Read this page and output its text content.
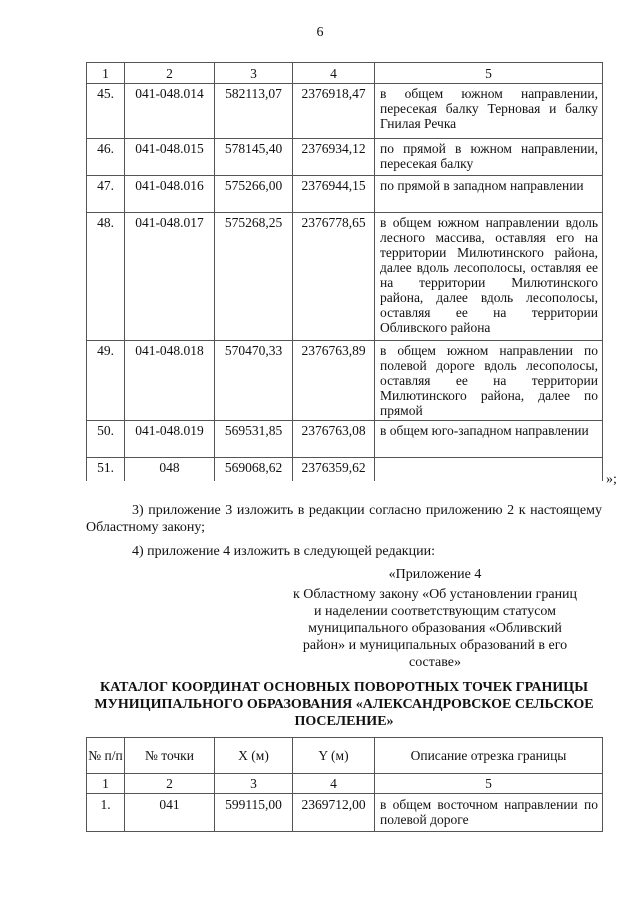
6
1	2	3	4	5
45.	041-048.014	582113,07	2376918,47	в общем южном направлении, пересекая балку Терновая и балку Гнилая Речка
46.	041-048.015	578145,40	2376934,12	по прямой в южном направлении, пересекая балку
47.	041-048.016	575266,00	2376944,15	по прямой в западном направлении
48.	041-048.017	575268,25	2376778,65	в общем южном направлении вдоль лесного массива, оставляя его на территории Милютинского района, далее вдоль лесополосы, оставляя ее на территории Милютинского района, далее вдоль лесополосы, оставляя ее на территории Обливского района
49.	041-048.018	570470,33	2376763,89	в общем южном направлении по полевой дороге вдоль лесополосы, оставляя ее на территории Милютинского района, далее по прямой
50.	041-048.019	569531,85	2376763,08	в общем юго-западном направлении
51.	048	569068,62	2376359,62	
»;

3) приложение 3 изложить в редакции согласно приложению 2 к настоящему Областному закону;

4) приложение 4 изложить в следующей редакции:

«Приложение 4
к Областному закону «Об установлении границ и наделении соответствующим статусом муниципального образования «Обливский район» и муниципальных образований в его составе»
КАТАЛОГ КООРДИНАТ ОСНОВНЫХ ПОВОРОТНЫХ ТОЧЕК ГРАНИЦЫ МУНИЦИПАЛЬНОГО ОБРАЗОВАНИЯ «АЛЕКСАНДРОВСКОЕ СЕЛЬСКОЕ ПОСЕЛЕНИЕ»
№ п/п	№ точки	X (м)	Y (м)	Описание отрезка границы
1	2	3	4	5
1.	041	599115,00	2369712,00	в общем восточном направлении по полевой дороге
